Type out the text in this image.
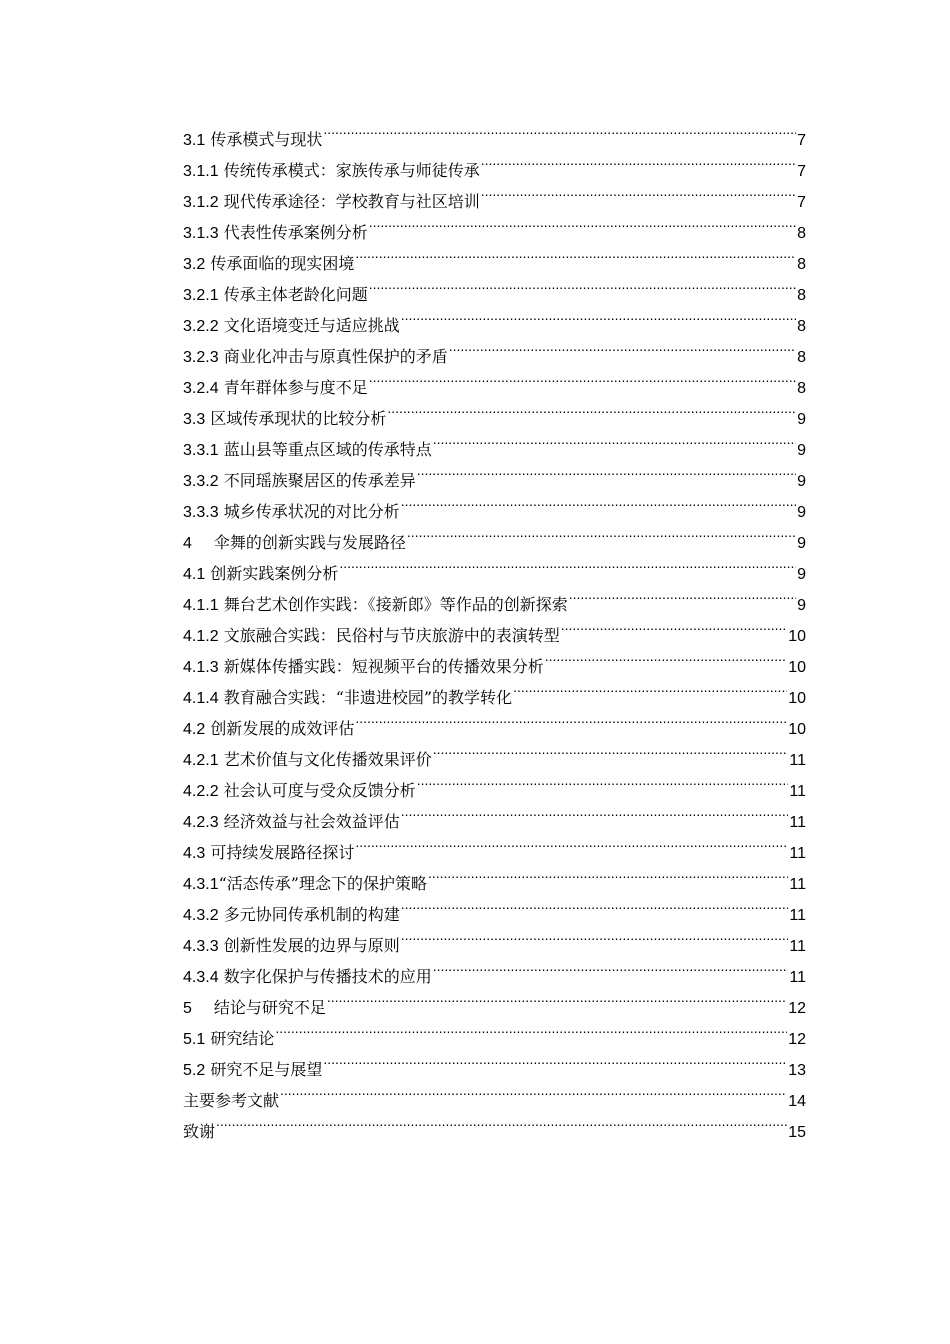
3.1 传承模式与现状 .....	7
3.1.1 传统传承模式：家族传承与师徒传承 .....	7
3.1.2 现代传承途径：学校教育与社区培训 .....	7
3.1.3 代表性传承案例分析 .....	8
3.2 传承面临的现实困境 .....	8
3.2.1 传承主体老龄化问题 .....	8
3.2.2 文化语境变迁与适应挑战 .....	8
3.2.3 商业化冲击与原真性保护的矛盾 .....	8
3.2.4 青年群体参与度不足 .....	8
3.3 区域传承现状的比较分析 .....	9
3.3.1 蓝山县等重点区域的传承特点 .....	9
3.3.2 不同瑶族聚居区的传承差异 .....	9
3.3.3 城乡传承状况的对比分析 .....	9
4 伞舞的创新实践与发展路径 .....	9
4.1 创新实践案例分析 .....	9
4.1.1 舞台艺术创作实践：《接新郎》等作品的创新探索 .....	9
4.1.2 文旅融合实践：民俗村与节庆旅游中的表演转型 .....	10
4.1.3 新媒体传播实践：短视频平台的传播效果分析 .....	10
4.1.4 教育融合实践：“非遗进校园”的教学转化 .....	10
4.2 创新发展的成效评估 .....	10
4.2.1 艺术价值与文化传播效果评价 .....	11
4.2.2 社会认可度与受众反馈分析 .....	11
4.2.3 经济效益与社会效益评估 .....	11
4.3 可持续发展路径探讨 .....	11
4.3.1“活态传承”理念下的保护策略 .....	11
4.3.2 多元协同传承机制的构建 .....	11
4.3.3 创新性发展的边界与原则 .....	11
4.3.4 数字化保护与传播技术的应用 .....	11
5 结论与研究不足 .....	12
5.1 研究结论 .....	12
5.2 研究不足与展望 .....	13
主要参考文献 .....	14
致谢 .....	15
